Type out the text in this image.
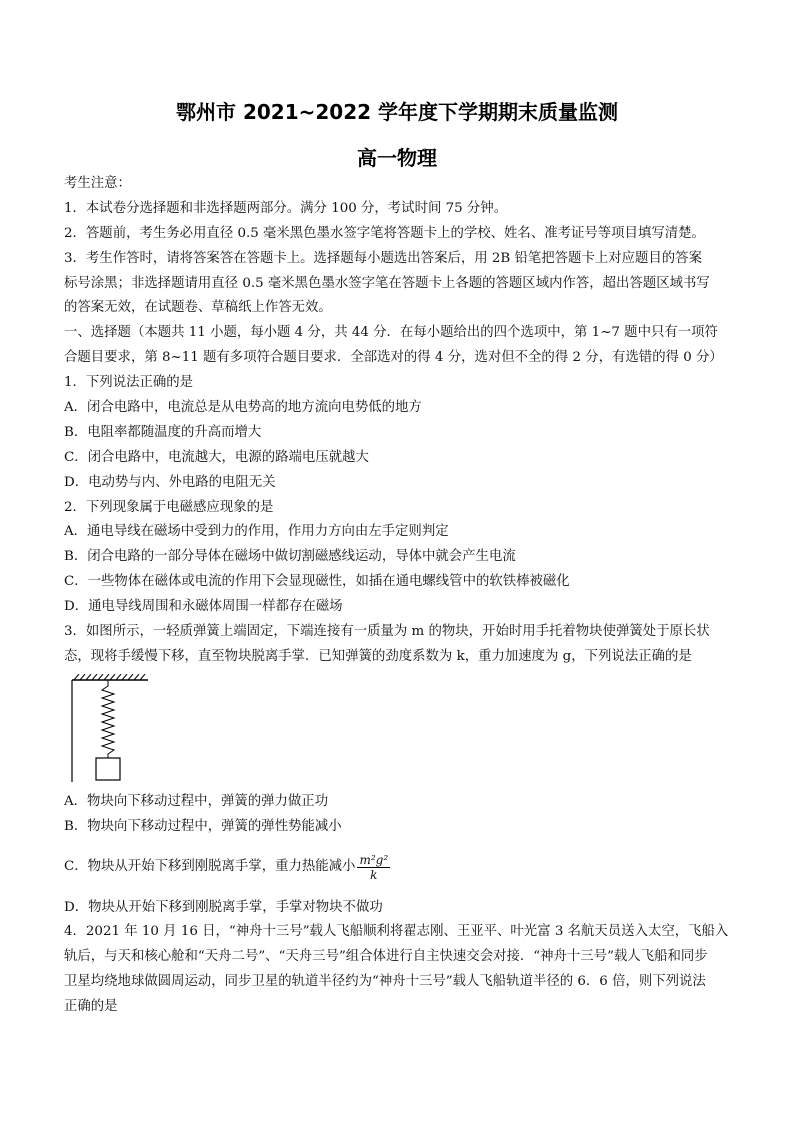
鄂州市 2021~2022 学年度下学期期末质量监测
高一物理
考生注意：
1．本试卷分选择题和非选择题两部分。满分 100 分，考试时间 75 分钟。
2．答题前，考生务必用直径 0.5 毫米黑色墨水签字笔将答题卡上的学校、姓名、准考证号等项目填写清楚。
3．考生作答时，请将答案答在答题卡上。选择题每小题选出答案后，用 2B 铅笔把答题卡上对应题目的答案
标号涂黑；非选择题请用直径 0.5 毫米黑色墨水签字笔在答题卡上各题的答题区域内作答，超出答题区域书写
的答案无效，在试题卷、草稿纸上作答无效。
一、选择题（本题共 11 小题，每小题 4 分，共 44 分．在每小题给出的四个选项中，第 1~7 题中只有一项符
合题目要求，第 8~11 题有多项符合题目要求．全部选对的得 4 分，选对但不全的得 2 分，有选错的得 0 分）
1．下列说法正确的是
A．闭合电路中，电流总是从电势高的地方流向电势低的地方
B．电阻率都随温度的升高而增大
C．闭合电路中，电流越大，电源的路端电压就越大
D．电动势与内、外电路的电阻无关
2．下列现象属于电磁感应现象的是
A．通电导线在磁场中受到力的作用，作用力方向由左手定则判定
B．闭合电路的一部分导体在磁场中做切割磁感线运动，导体中就会产生电流
C．一些物体在磁体或电流的作用下会显现磁性，如插在通电螺线管中的软铁棒被磁化
D．通电导线周围和永磁体周围一样都存在磁场
3．如图所示，一轻质弹簧上端固定，下端连接有一质量为 m 的物块，开始时用手托着物块使弹簧处于原长状
态，现将手缓慢下移，直至物块脱离手掌．已知弹簧的劲度系数为 k，重力加速度为 g，下列说法正确的是
A．物块向下移动过程中，弹簧的弹力做正功
B．物块向下移动过程中，弹簧的弹性势能减小
C．物块从开始下移到刚脱离手掌，重力热能减小 $\frac{\text{m²g²}}{k}$
D．物块从开始下移到刚脱离手掌，手掌对物块不做功
4．2021 年 10 月 16 日，“神舟十三号”载人飞船顺利将翟志刚、王亚平、叶光富 3 名航天员送入太空，飞船入
轨后，与天和核心舱和“天舟二号”、“天舟三号”组合体进行自主快速交会对接．“神舟十三号”载人飞船和同步
卫星均绕地球做圆周运动，同步卫星的轨道半径约为“神舟十三号”载人飞船轨道半径的 6．6 倍，则下列说法
正确的是
